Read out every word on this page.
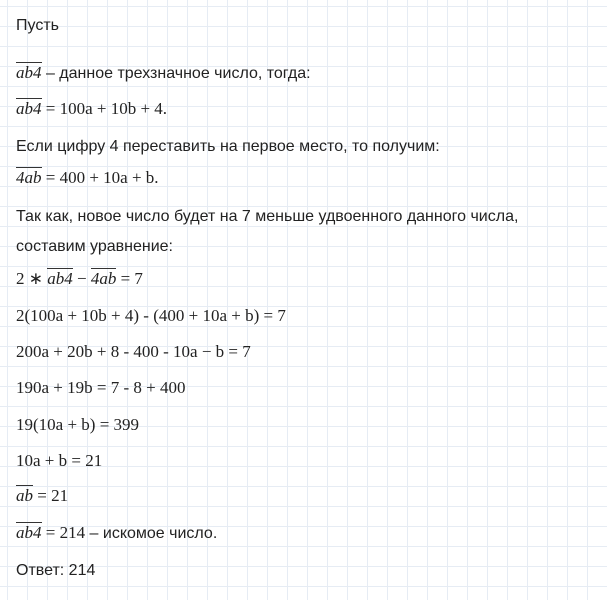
Пусть
ab4 – данное трехзначное число, тогда:
ab4 = 100a + 10b + 4.
Если цифру 4 переставить на первое место, то получим:
4ab = 400 + 10a + b.
Так как, новое число будет на 7 меньше удвоенного данного числа,
составим уравнение:
2 ∗ ab4 − 4ab = 7
2(100a + 10b + 4) - (400 + 10a + b) = 7
200a + 20b + 8 - 400 - 10a − b = 7
190a + 19b = 7 - 8 + 400
19(10a + b) = 399
10a + b = 21
ab = 21
ab4 = 214 – искомое число.
Ответ: 214
